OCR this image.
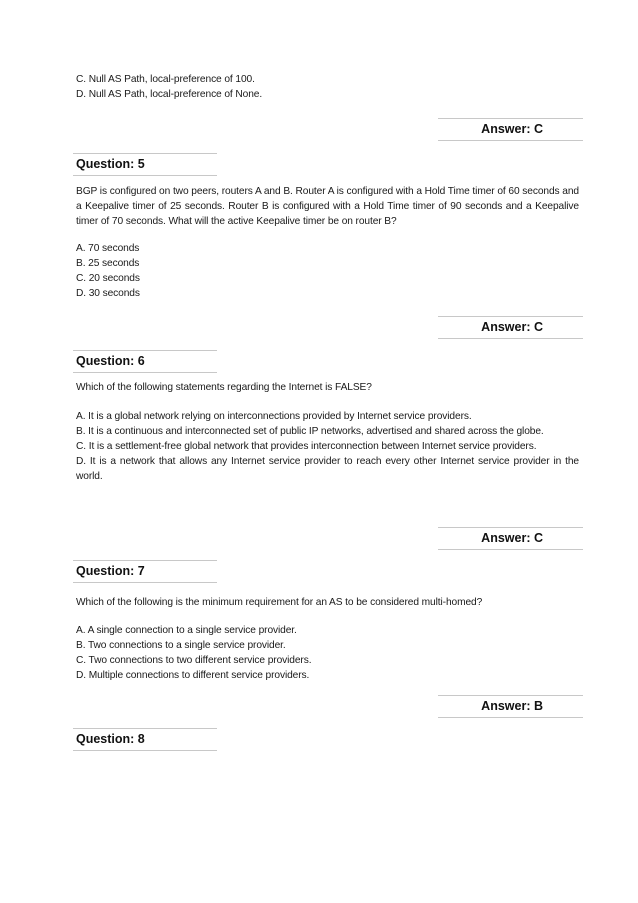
C. Null AS Path, local-preference of 100.
D. Null AS Path, local-preference of None.
Answer: C
Question: 5
BGP is configured on two peers, routers A and B. Router A is configured with a Hold Time timer of 60 seconds and a Keepalive timer of 25 seconds. Router B is configured with a Hold Time timer of 90 seconds and a Keepalive timer of 70 seconds. What will the active Keepalive timer be on router B?
A. 70 seconds
B. 25 seconds
C. 20 seconds
D. 30 seconds
Answer: C
Question: 6
Which of the following statements regarding the Internet is FALSE?
A. It is a global network relying on interconnections provided by Internet service providers.
B. It is a continuous and interconnected set of public IP networks, advertised and shared across the globe.
C. It is a settlement-free global network that provides interconnection between Internet service providers.
D. It is a network that allows any Internet service provider to reach every other Internet service provider in the world.
Answer: C
Question: 7
Which of the following is the minimum requirement for an AS to be considered multi-homed?
A. A single connection to a single service provider.
B. Two connections to a single service provider.
C. Two connections to two different service providers.
D. Multiple connections to different service providers.
Answer: B
Question: 8
